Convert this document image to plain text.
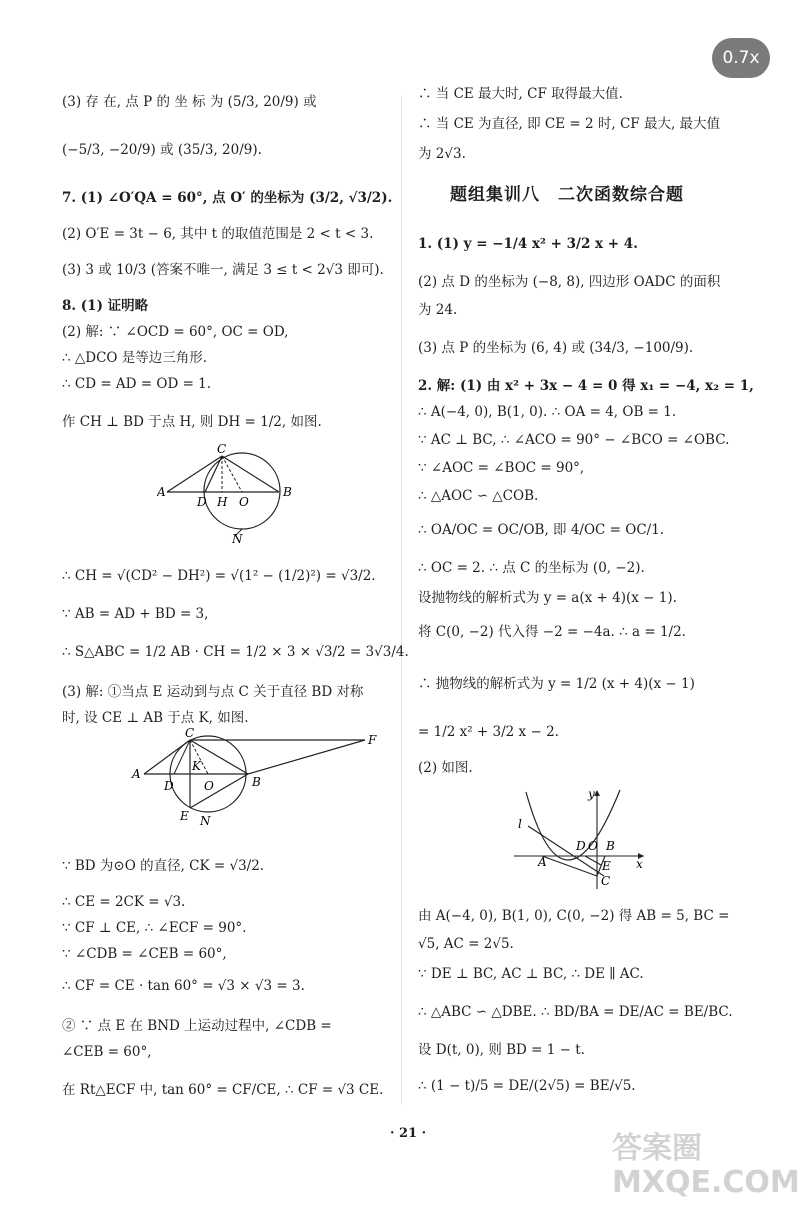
0.7x
(3) 存 在, 点 P 的 坐 标 为 (5/3, 20/9) 或
(−5/3, −20/9) 或 (35/3, 20/9).
7. (1) ∠O′QA = 60°, 点 O′ 的坐标为 (3/2, √3/2).
(2) O′E = 3t − 6, 其中 t 的取值范围是 2 < t < 3.
(3) 3 或 10/3 (答案不唯一, 满足 3 ≤ t < 2√3 即可).
8. (1) 证明略
(2) 解: ∵ ∠OCD = 60°, OC = OD,
∴ △DCO 是等边三角形.
∴ CD = AD = OD = 1.
作 CH ⊥ BD 于点 H, 则 DH = 1/2, 如图.
C
A
D H O
B
N
∴ CH = √(CD² − DH²) = √(1² − (1/2)²) = √3/2.
∵ AB = AD + BD = 3,
∴ S△ABC = 1/2 AB · CH = 1/2 × 3 × √3/2 = 3√3/4.
(3) 解: ①当点 E 运动到与点 C 关于直径 BD 对称
时, 设 CE ⊥ AB 于点 K, 如图.
C	F
A
D
K
O	B
E N
∵ BD 为⊙O 的直径, CK = √3/2.
∴ CE = 2CK = √3.
∵ CF ⊥ CE, ∴ ∠ECF = 90°.
∵ ∠CDB = ∠CEB = 60°,
∴ CF = CE · tan 60° = √3 × √3 = 3.
② ∵ 点 E 在 BND 上运动过程中, ∠CDB =
∠CEB = 60°,
在 Rt△ECF 中, tan 60° = CF/CE, ∴ CF = √3 CE.
∴ 当 CE 最大时, CF 取得最大值.
∴ 当 CE 为直径, 即 CE = 2 时, CF 最大, 最大值
为 2√3.
题组集训八　二次函数综合题
1. (1) y = −1/4 x² + 3/2 x + 4.
(2) 点 D 的坐标为 (−8, 8), 四边形 OADC 的面积
为 24.
(3) 点 P 的坐标为 (6, 4) 或 (34/3, −100/9).
2. 解: (1) 由 x² + 3x − 4 = 0 得 x₁ = −4, x₂ = 1,
∴ A(−4, 0), B(1, 0). ∴ OA = 4, OB = 1.
∵ AC ⊥ BC, ∴ ∠ACO = 90° − ∠BCO = ∠OBC.
∵ ∠AOC = ∠BOC = 90°,
∴ △AOC ∽ △COB.
∴ OA/OC = OC/OB, 即 4/OC = OC/1.
∴ OC = 2. ∴ 点 C 的坐标为 (0, −2).
设抛物线的解析式为 y = a(x + 4)(x − 1).
将 C(0, −2) 代入得 −2 = −4a. ∴ a = 1/2.
∴ 抛物线的解析式为 y = 1/2 (x + 4)(x − 1)
= 1/2 x² + 3/2 x − 2.
(2) 如图.
y
l
D O B
A	E x
C
由 A(−4, 0), B(1, 0), C(0, −2) 得 AB = 5, BC =
√5, AC = 2√5.
∵ DE ⊥ BC, AC ⊥ BC, ∴ DE ∥ AC.
∴ △ABC ∽ △DBE. ∴ BD/BA = DE/AC = BE/BC.
设 D(t, 0), 则 BD = 1 − t.
∴ (1 − t)/5 = DE/(2√5) = BE/√5.
· 21 ·	答案圈 MXQE.COM
